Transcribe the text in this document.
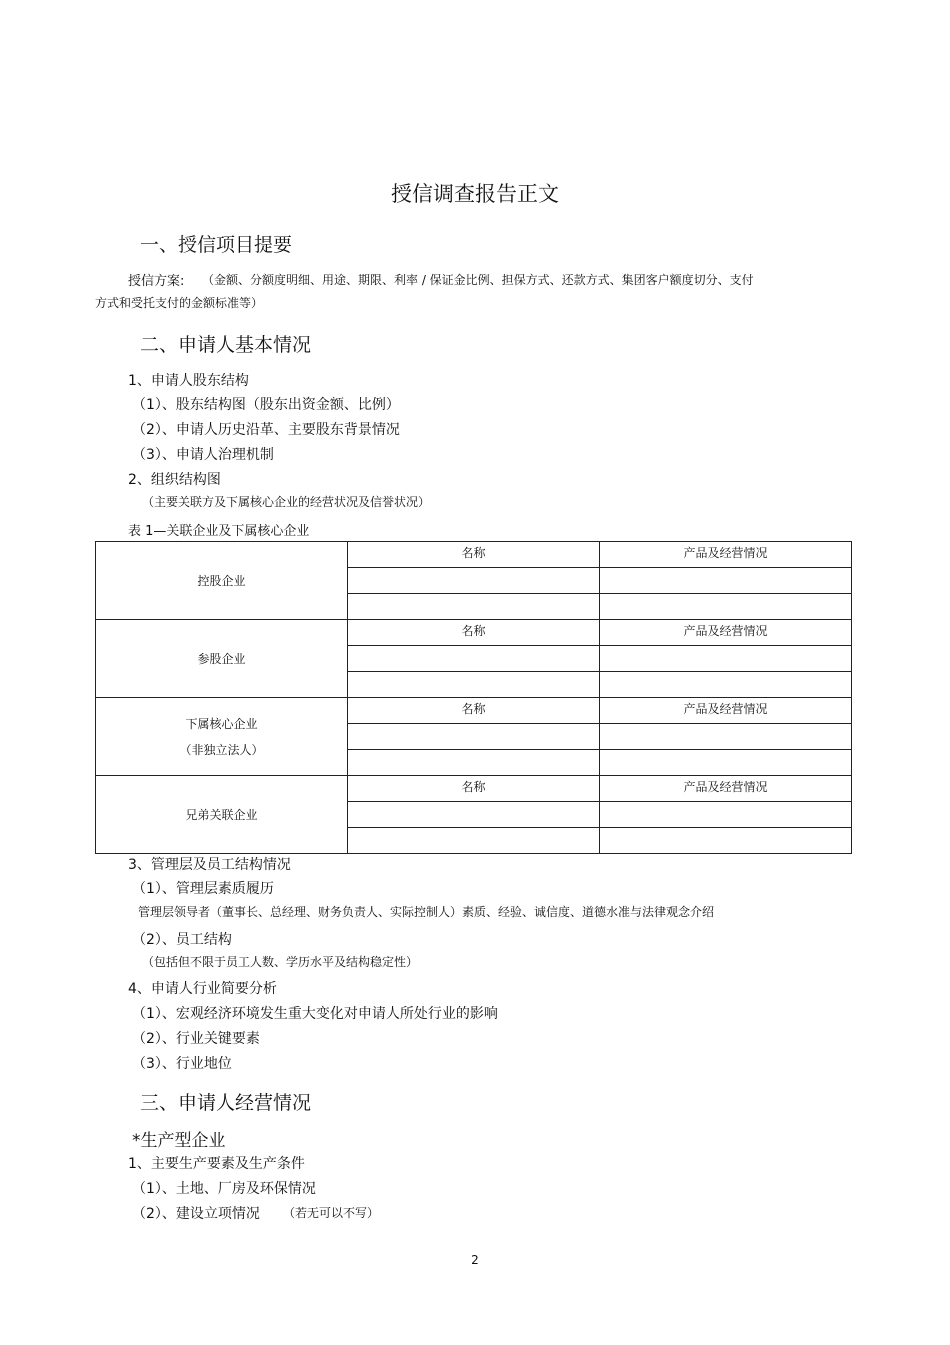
授信调查报告正文
一、授信项目提要
授信方案: （金额、分额度明细、用途、期限、利率 / 保证金比例、担保方式、还款方式、集团客户额度切分、支付
方式和受托支付的金额标准等）
二、申请人基本情况
1、申请人股东结构
（1）、股东结构图（股东出资金额、比例）
（2）、申请人历史沿革、主要股东背景情况
（3）、申请人治理机制
2、组织结构图
（主要关联方及下属核心企业的经营状况及信誉状况）
表 1—关联企业及下属核心企业
控股企业	名称	产品及经营情况

参股企业	名称	产品及经营情况

下属核心企业
（非独立法人）	名称	产品及经营情况

兄弟关联企业	名称	产品及经营情况

3、管理层及员工结构情况
（1）、管理层素质履历
管理层领导者（董事长、总经理、财务负责人、实际控制人）素质、经验、诚信度、道德水准与法律观念介绍
（2）、员工结构
（包括但不限于员工人数、学历水平及结构稳定性）
4、申请人行业简要分析
（1）、宏观经济环境发生重大变化对申请人所处行业的影响
（2）、行业关键要素
（3）、行业地位
三、申请人经营情况
*生产型企业
1、主要生产要素及生产条件
（1）、土地、厂房及环保情况
（2）、建设立项情况 （若无可以不写）
2
